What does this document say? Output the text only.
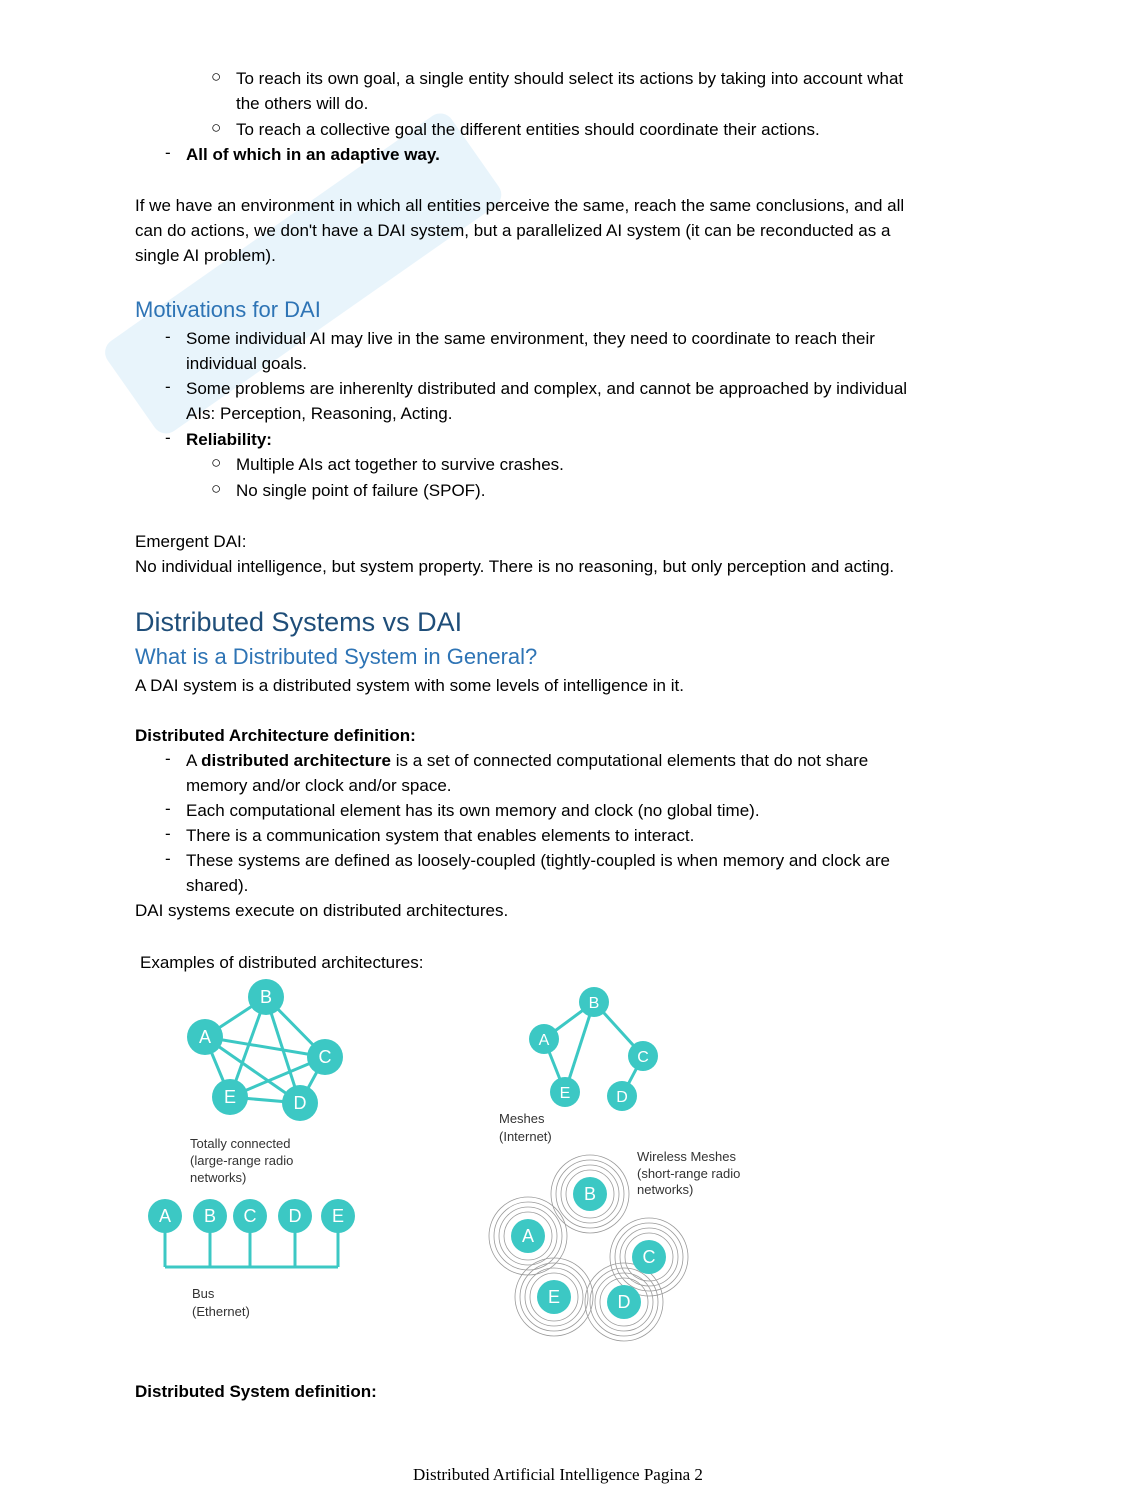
○ To reach its own goal, a single entity should select its actions by taking into account what
the others will do.
○ To reach a collective goal the different entities should coordinate their actions.
- All of which in an adaptive way.
If we have an environment in which all entities perceive the same, reach the same conclusions, and all
can do actions, we don't have a DAI system, but a parallelized AI system (it can be reconducted as a
single AI problem).
Motivations for DAI
- Some individual AI may live in the same environment, they need to coordinate to reach their
individual goals.
- Some problems are inherenlty distributed and complex, and cannot be approached by individual
AIs: Perception, Reasoning, Acting.
- Reliability:
○ Multiple AIs act together to survive crashes.
○ No single point of failure (SPOF).
Emergent DAI:
No individual intelligence, but system property. There is no reasoning, but only perception and acting.
Distributed Systems vs DAI
What is a Distributed System in General?
A DAI system is a distributed system with some levels of intelligence in it.
Distributed Architecture definition:
- A distributed architecture is a set of connected computational elements that do not share
memory and/or clock and/or space.
- Each computational element has its own memory and clock (no global time).
- There is a communication system that enables elements to interact.
- These systems are defined as loosely-coupled (tightly-coupled is when memory and clock are
shared).
DAI systems execute on distributed architectures.
Examples of distributed architectures:
A
B
C
D
E
A
B
C
D
E
A B C D E
A
B
C
D
E
Totally connected
(large-range radio
networks)
Meshes
(Internet)
Wireless Meshes
(short-range radio
networks)
Bus
(Ethernet)
Distributed System definition:
Distributed Artificial Intelligence Pagina 2
